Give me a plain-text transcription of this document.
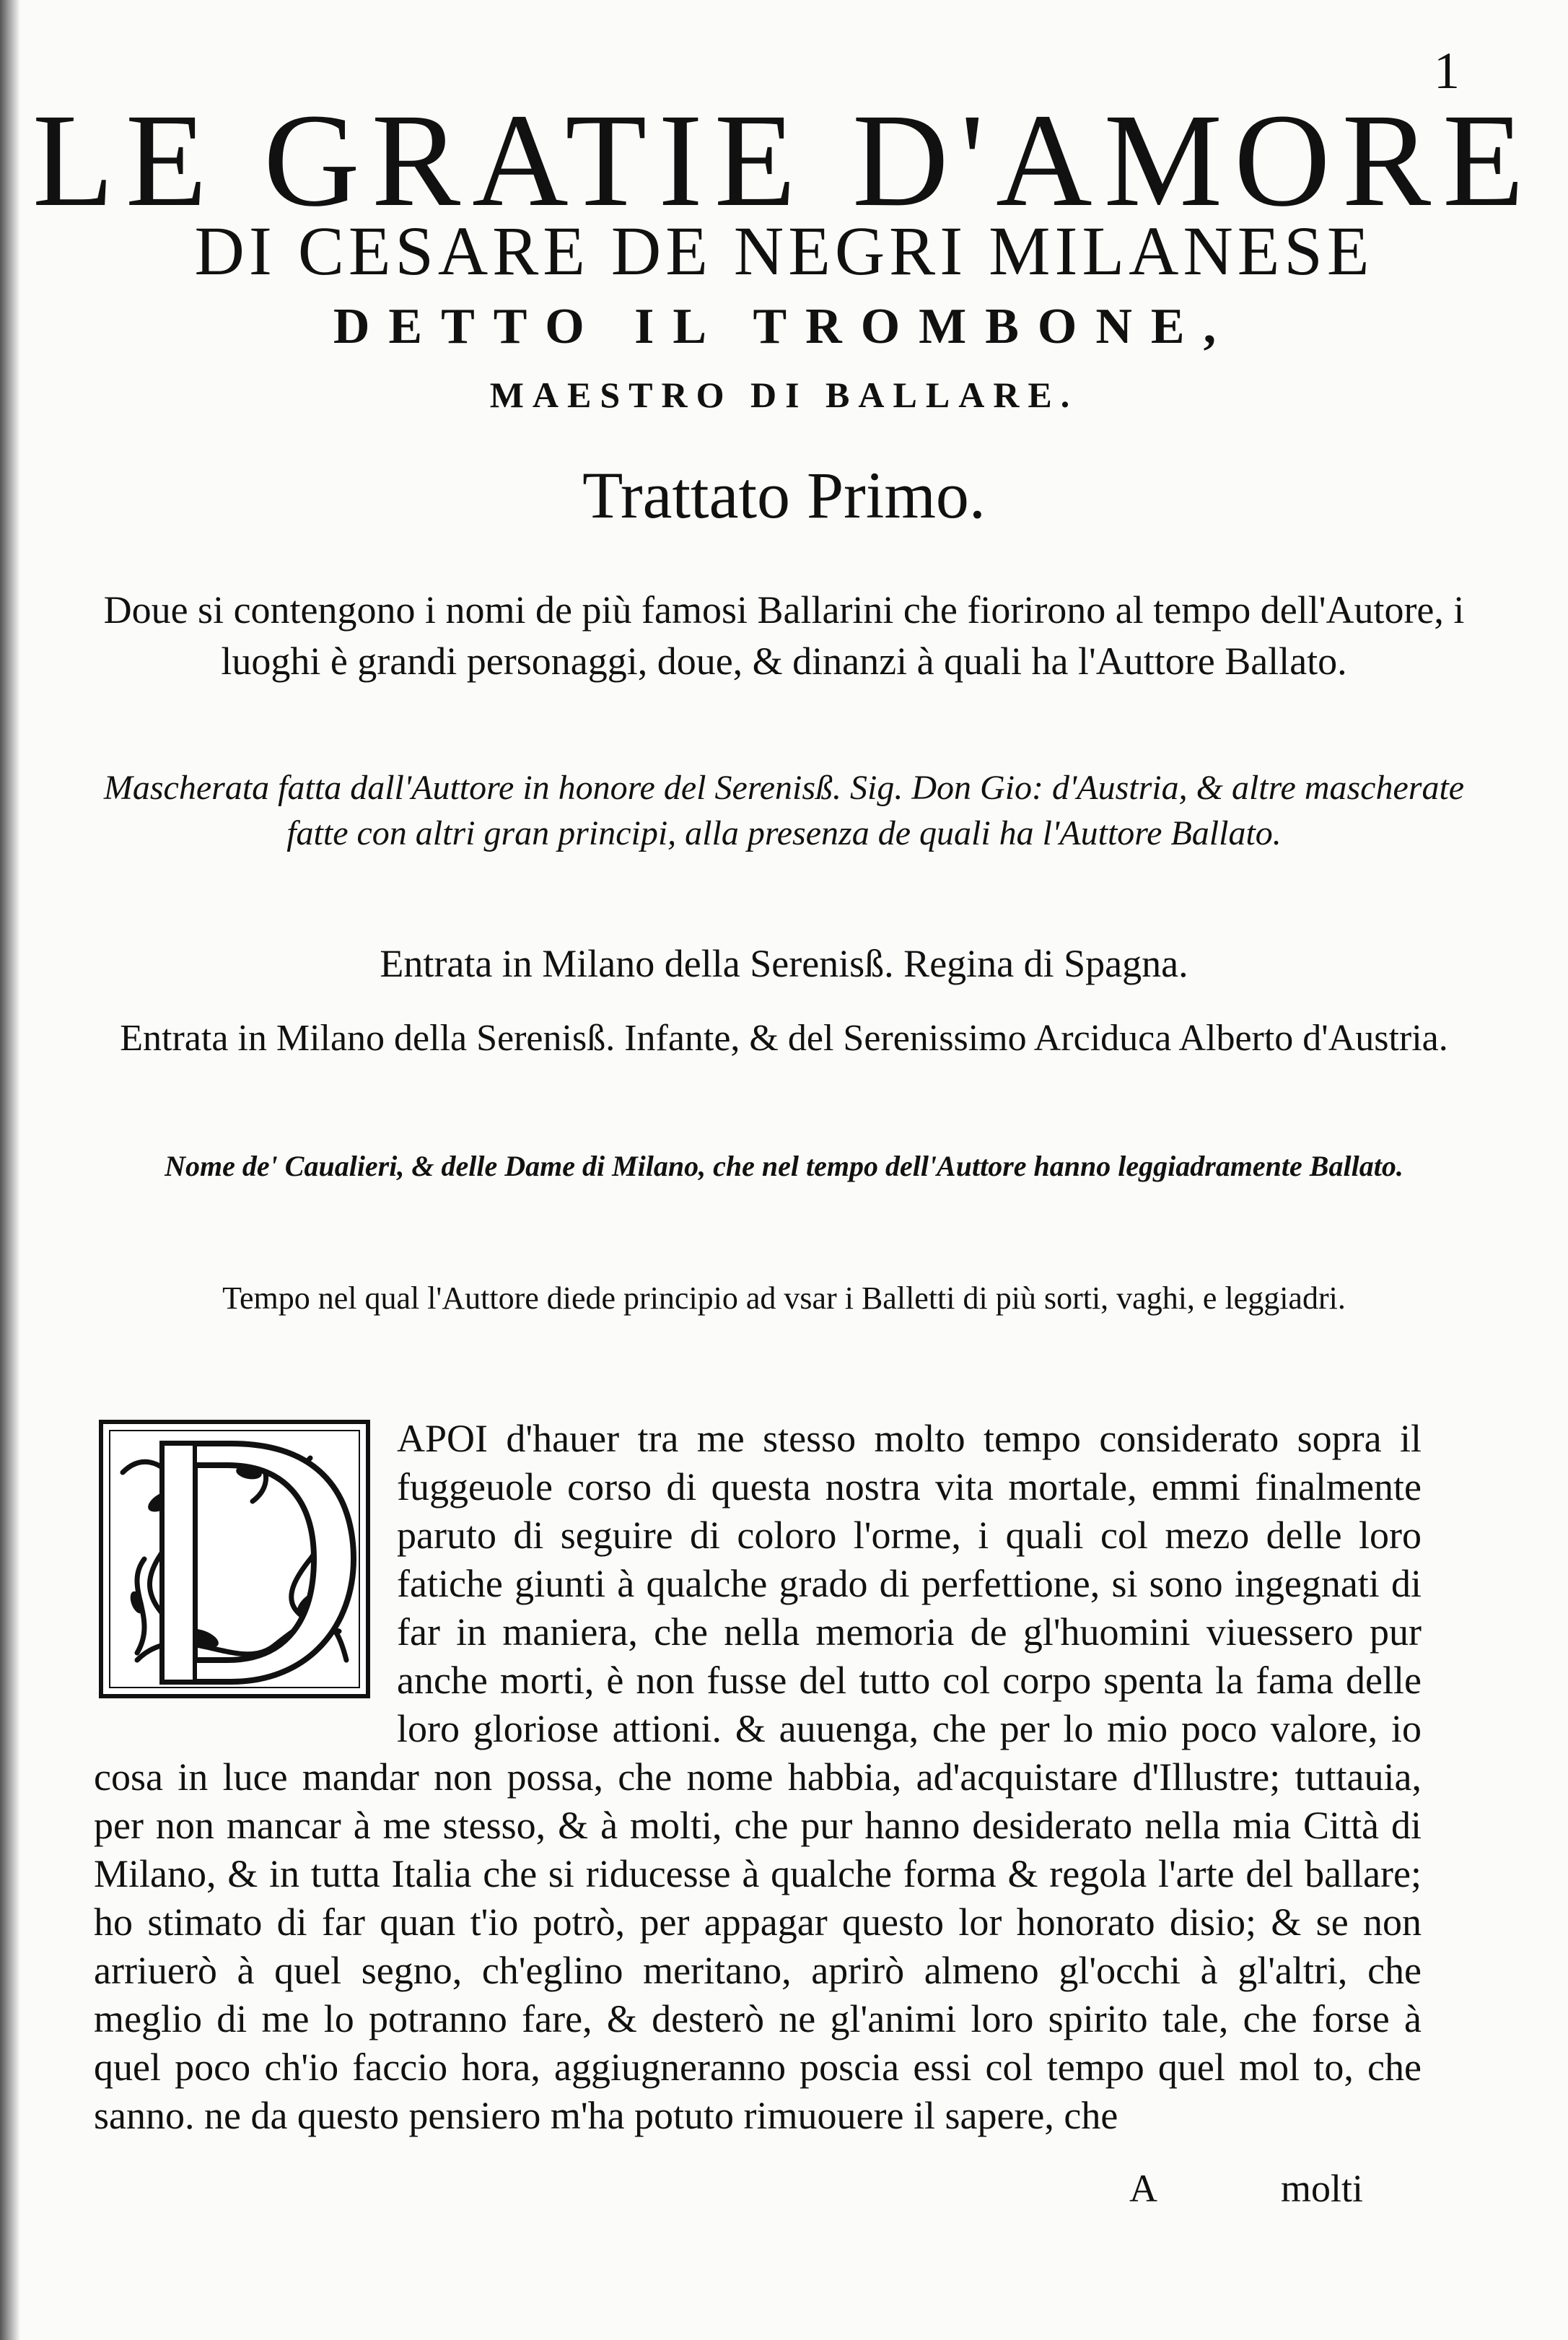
1
LE GRATIE D'AMORE
DI CESARE DE NEGRI MILANESE
DETTO IL TROMBONE,
MAESTRO DI BALLARE.
Trattato Primo.
Doue si contengono i nomi de più famosi Ballarini che fiorirono al tempo dell'Autore, i luoghi è grandi personaggi, doue, & dinanzi à quali ha l'Auttore Ballato.
Mascherata fatta dall'Auttore in honore del Serenisß. Sig. Don Gio: d'Austria, & altre mascherate fatte con altri gran principi, alla presenza de quali ha l'Auttore Ballato.
Entrata in Milano della Serenisß. Regina di Spagna.
Entrata in Milano della Serenisß. Infante, & del Serenissimo Arciduca Alberto d'Austria.
Nome de' Caualieri, & delle Dame di Milano, che nel tempo dell'Auttore hanno leggiadramente Ballato.
Tempo nel qual l'Auttore diede principio ad vsar i Balletti di più sorti, vaghi, e leggiadri.
APOI d'hauer tra me stesso molto tempo considerato sopra il fuggeuole corso di questa nostra vita mortale, emmi finalmente paruto di seguire di coloro l'orme, i quali col mezo delle loro fatiche giunti à qualche grado di perfettione, si sono ingegnati di far in maniera, che nella memoria de gl'huomini viuessero pur anche morti, è non fusse del tutto col corpo spenta la fama delle loro gloriose attioni. & auuenga, che per lo mio poco valore, io cosa in luce mandar non possa, che nome habbia, ad'acquistare d'Illustre; tuttauia, per non mancar à me stesso, & à molti, che pur hanno desiderato nella mia Città di Milano, & in tutta Italia che si riducesse à qualche forma & regola l'arte del ballare; ho stimato di far quan t'io potrò, per appagar questo lor honorato disio; & se non arriuerò à quel segno, ch'eglino meritano, aprirò almeno gl'occhi à gl'altri, che meglio di me lo potranno fare, & desterò ne gl'animi loro spirito tale, che forse à quel poco ch'io faccio hora, aggiugneranno poscia essi col tempo quel mol to, che sanno. ne da questo pensiero m'ha potuto rimuouere il sapere, che
A	molti
